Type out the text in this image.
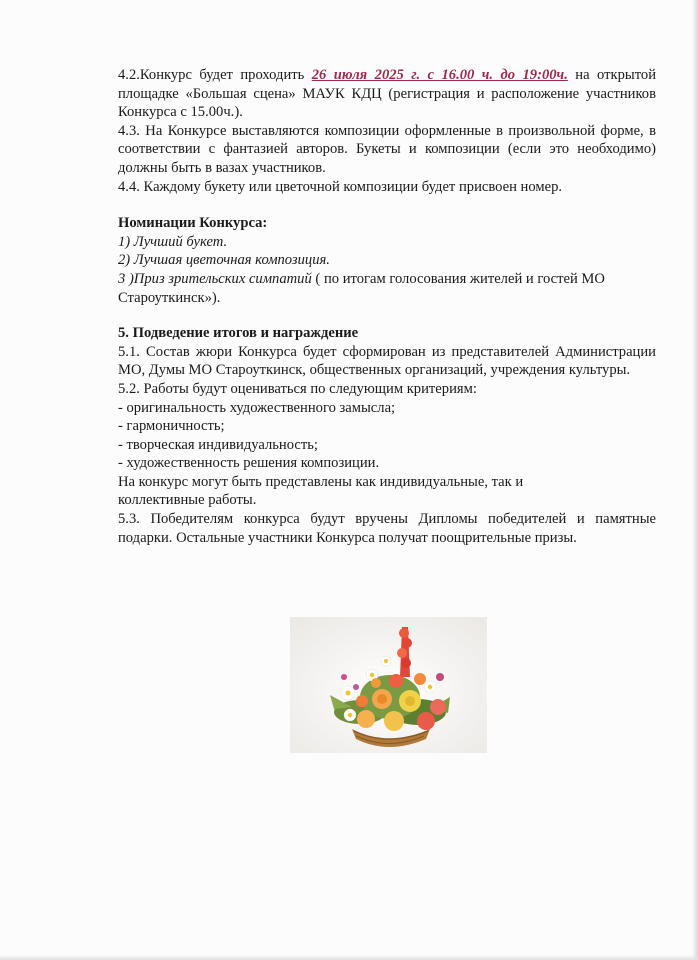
4.2.Конкурс будет проходить 26 июля 2025 г. с 16.00 ч. до 19:00ч. на открытой площадке «Большая сцена» МАУК КДЦ (регистрация и расположение участников Конкурса с 15.00ч.).

4.3. На Конкурсе выставляются композиции оформленные в произвольной форме, в соответствии с фантазией авторов. Букеты и композиции (если это необходимо) должны быть в вазах участников.

4.4. Каждому букету или цветочной композиции будет присвоен номер.

Номинации Конкурса:

1) Лучший букет.

2) Лучшая цветочная композиция.

3 )Приз зрительских симпатий ( по итогам голосования жителей и гостей МО Староуткинск»).

5. Подведение итогов и награждение

5.1. Состав жюри Конкурса будет сформирован из представителей Администрации МО, Думы МО Староуткинск, общественных организаций, учреждения культуры.

5.2. Работы будут оцениваться по следующим критериям:

- оригинальность художественного замысла;

- гармоничность;

- творческая индивидуальность;

- художественность решения композиции.

На конкурс могут быть представлены как индивидуальные, так и коллективные работы.

5.3. Победителям конкурса будут вручены Дипломы победителей и памятные подарки. Остальные участники Конкурса получат поощрительные призы.
